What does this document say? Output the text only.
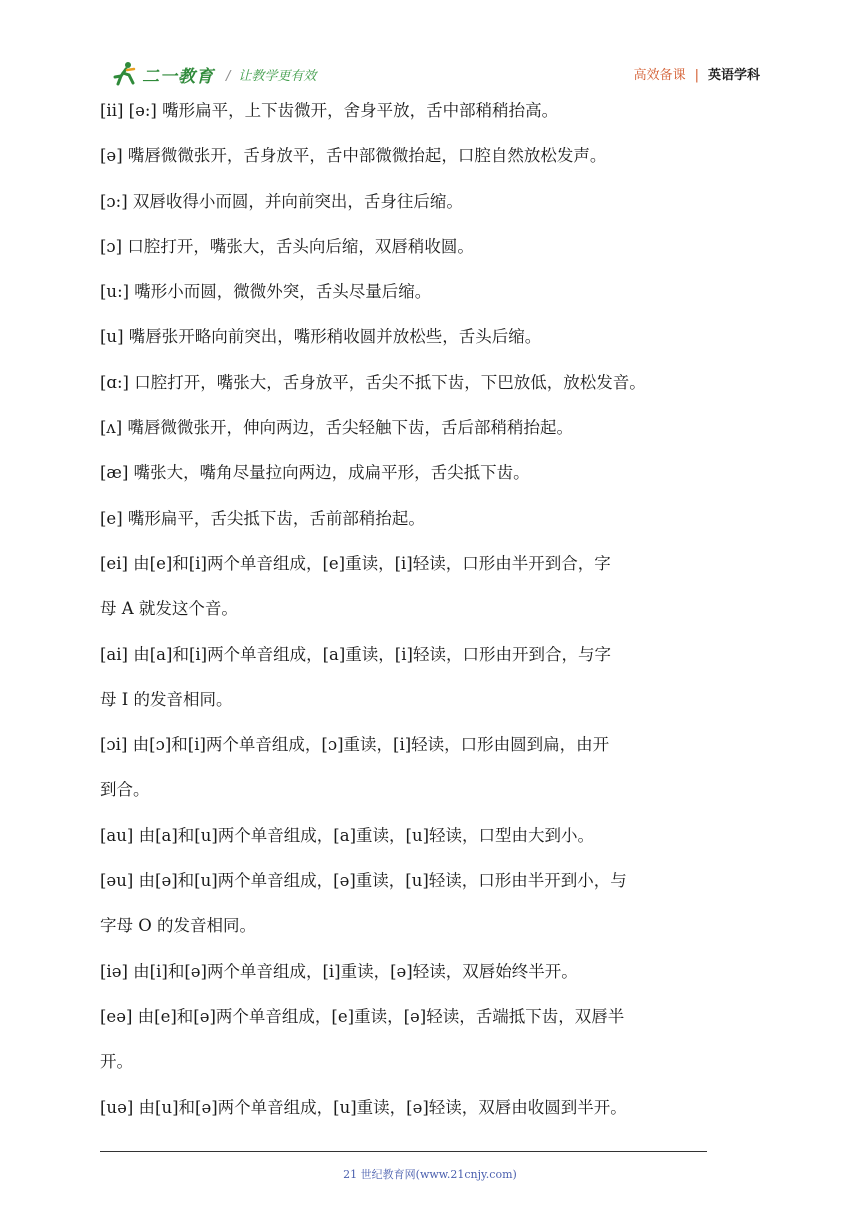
二一教育 / 让教学更有效	高效备课 | 英语学科
[ii] [ə:] 嘴形扁平，上下齿微开，舍身平放，舌中部稍稍抬高。
[ə] 嘴唇微微张开，舌身放平，舌中部微微抬起，口腔自然放松发声。
[ɔ:] 双唇收得小而圆，并向前突出，舌身往后缩。
[ɔ] 口腔打开，嘴张大，舌头向后缩，双唇稍收圆。
[u:] 嘴形小而圆，微微外突，舌头尽量后缩。
[u] 嘴唇张开略向前突出，嘴形稍收圆并放松些，舌头后缩。
[ɑ:] 口腔打开，嘴张大，舌身放平，舌尖不抵下齿，下巴放低，放松发音。
[ʌ] 嘴唇微微张开，伸向两边，舌尖轻触下齿，舌后部稍稍抬起。
[æ] 嘴张大，嘴角尽量拉向两边，成扁平形，舌尖抵下齿。
[e] 嘴形扁平，舌尖抵下齿，舌前部稍抬起。
[ei] 由[e]和[i]两个单音组成，[e]重读，[i]轻读，口形由半开到合，字
母 A 就发这个音。
[ai] 由[a]和[i]两个单音组成，[a]重读，[i]轻读，口形由开到合，与字
母 I 的发音相同。
[ɔi] 由[ɔ]和[i]两个单音组成，[ɔ]重读，[i]轻读，口形由圆到扁，由开
到合。
[au] 由[a]和[u]两个单音组成，[a]重读，[u]轻读，口型由大到小。
[əu] 由[ə]和[u]两个单音组成，[ə]重读，[u]轻读，口形由半开到小，与
字母 O 的发音相同。
[iə] 由[i]和[ə]两个单音组成，[i]重读，[ə]轻读，双唇始终半开。
[eə] 由[e]和[ə]两个单音组成，[e]重读，[ə]轻读，舌端抵下齿，双唇半
开。
[uə] 由[u]和[ə]两个单音组成，[u]重读，[ə]轻读，双唇由收圆到半开。
21 世纪教育网(www.21cnjy.com)
